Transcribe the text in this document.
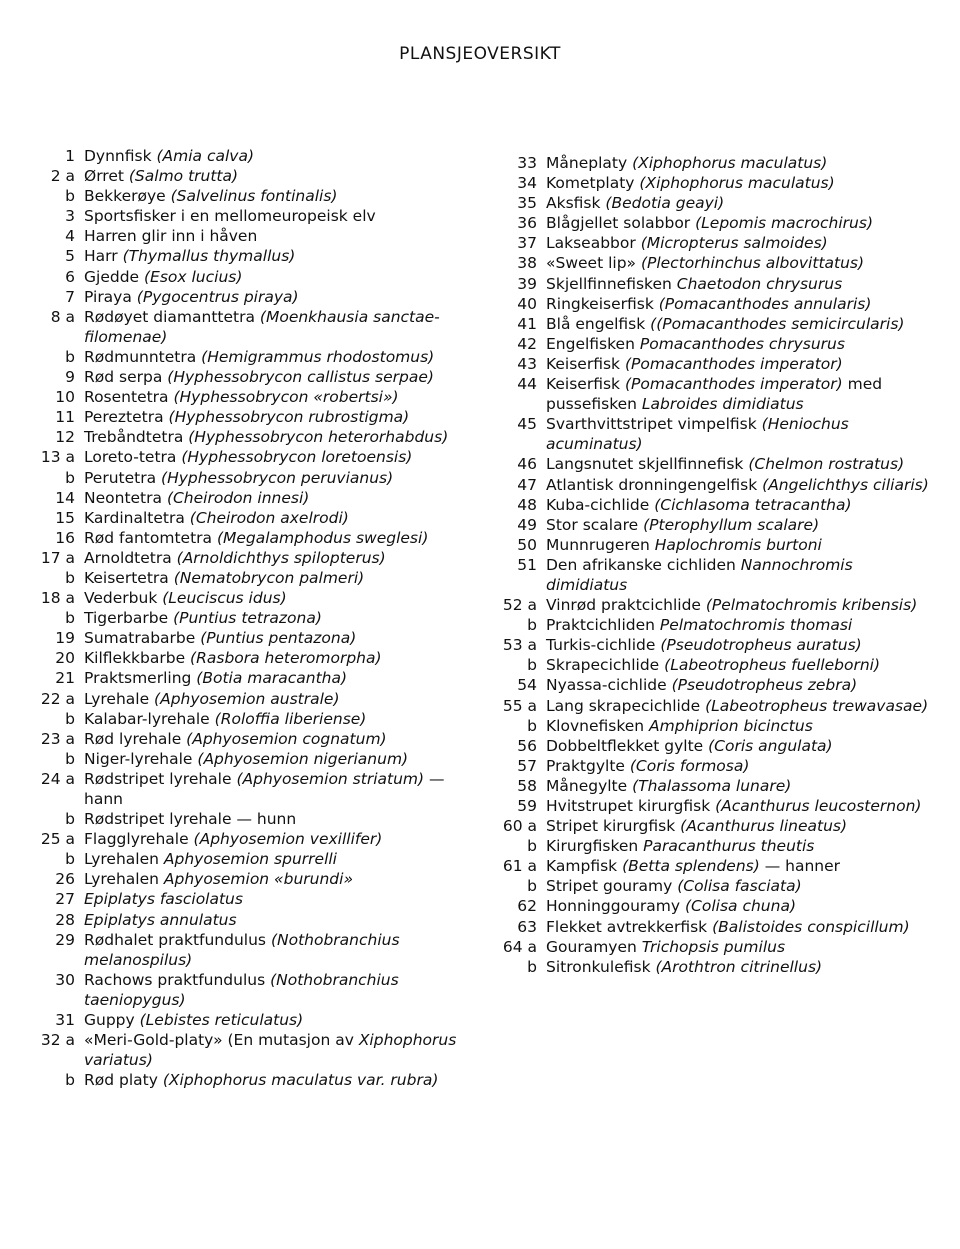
PLANSJEOVERSIKT
1 Dynnfisk (Amia calva)
2 a Ørret (Salmo trutta)
b Bekkerøye (Salvelinus fontinalis)
3 Sportsfisker i en mellomeuropeisk elv
4 Harren glir inn i håven
5 Harr (Thymallus thymallus)
6 Gjedde (Esox lucius)
7 Piraya (Pygocentrus piraya)
8 a Rødøyet diamanttetra (Moenkhausia sanctae-filomenae)
b Rødmunntetra (Hemigrammus rhodostomus)
9 Rød serpa (Hyphessobrycon callistus serpae)
10 Rosentetra (Hyphessobrycon «robertsi»)
11 Pereztetra (Hyphessobrycon rubrostigma)
12 Trebåndtetra (Hyphessobrycon heterorhabdus)
13 a Loreto-tetra (Hyphessobrycon loretoensis)
b Perutetra (Hyphessobrycon peruvianus)
14 Neontetra (Cheirodon innesi)
15 Kardinaltetra (Cheirodon axelrodi)
16 Rød fantomtetra (Megalamphodus sweglesi)
17 a Arnoldtetra (Arnoldichthys spilopterus)
b Keisertetra (Nematobrycon palmeri)
18 a Vederbuk (Leuciscus idus)
b Tigerbarbe (Puntius tetrazona)
19 Sumatrabarbe (Puntius pentazona)
20 Kilflekkbarbe (Rasbora heteromorpha)
21 Praktsmerling (Botia maracantha)
22 a Lyrehale (Aphyosemion australe)
b Kalabar-lyrehale (Roloffia liberiense)
23 a Rød lyrehale (Aphyosemion cognatum)
b Niger-lyrehale (Aphyosemion nigerianum)
24 a Rødstripet lyrehale (Aphyosemion striatum) — hann
b Rødstripet lyrehale — hunn
25 a Flagglyrehale (Aphyosemion vexillifer)
b Lyrehalen Aphyosemion spurrelli
26 Lyrehalen Aphyosemion «burundi»
27 Epiplatys fasciolatus
28 Epiplatys annulatus
29 Rødhalet praktfundulus (Nothobranchius melanospilus)
30 Rachows praktfundulus (Nothobranchius taeniopygus)
31 Guppy (Lebistes reticulatus)
32 a «Meri-Gold-platy» (En mutasjon av Xiphophorus variatus)
b Rød platy (Xiphophorus maculatus var. rubra)
33 Måneplaty (Xiphophorus maculatus)
34 Kometplaty (Xiphophorus maculatus)
35 Aksfisk (Bedotia geayi)
36 Blågjellet solabbor (Lepomis macrochirus)
37 Lakseabbor (Micropterus salmoides)
38 «Sweet lip» (Plectorhinchus albovittatus)
39 Skjellfinnefisken Chaetodon chrysurus
40 Ringkeiserfisk (Pomacanthodes annularis)
41 Blå engelfisk ((Pomacanthodes semicircularis)
42 Engelfisken Pomacanthodes chrysurus
43 Keiserfisk (Pomacanthodes imperator)
44 Keiserfisk (Pomacanthodes imperator) med pussefisken Labroides dimidiatus
45 Svarthvittstripet vimpelfisk (Heniochus acuminatus)
46 Langsnutet skjellfinnefisk (Chelmon rostratus)
47 Atlantisk dronningengelfisk (Angelichthys ciliaris)
48 Kuba-cichlide (Cichlasoma tetracantha)
49 Stor scalare (Pterophyllum scalare)
50 Munnrugeren Haplochromis burtoni
51 Den afrikanske cichliden Nannochromis dimidiatus
52 a Vinrød praktcichlide (Pelmatochromis kribensis)
b Praktcichliden Pelmatochromis thomasi
53 a Turkis-cichlide (Pseudotropheus auratus)
b Skrapecichlide (Labeotropheus fuelleborni)
54 Nyassa-cichlide (Pseudotropheus zebra)
55 a Lang skrapecichlide (Labeotropheus trewavasae)
b Klovnefisken Amphiprion bicinctus
56 Dobbeltflekket gylte (Coris angulata)
57 Praktgylte (Coris formosa)
58 Månegylte (Thalassoma lunare)
59 Hvitstrupet kirurgfisk (Acanthurus leucosternon)
60 a Stripet kirurgfisk (Acanthurus lineatus)
b Kirurgfisken Paracanthurus theutis
61 a Kampfisk (Betta splendens) — hanner
b Stripet gouramy (Colisa fasciata)
62 Honninggouramy (Colisa chuna)
63 Flekket avtrekkerfisk (Balistoides conspicillum)
64 a Gouramyen Trichopsis pumilus
b Sitronkulefisk (Arothtron citrinellus)
